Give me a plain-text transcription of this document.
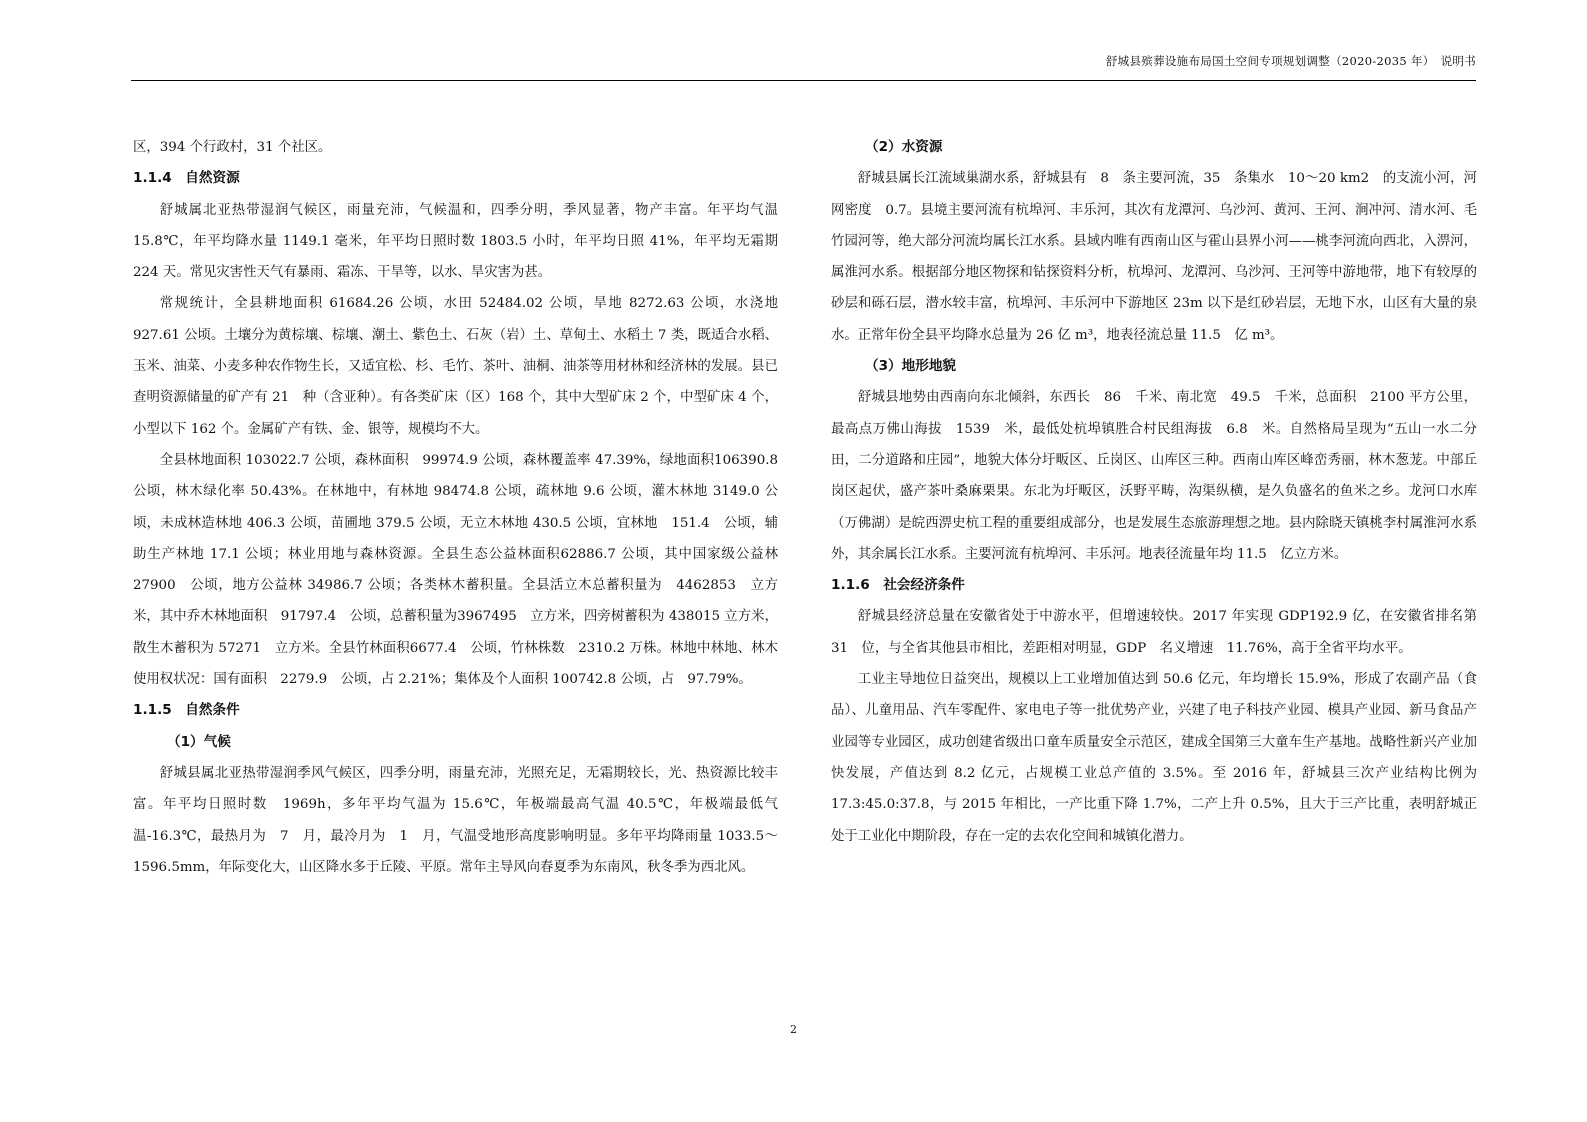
舒城县殡葬设施布局国土空间专项规划调整（2020-2035 年）　说明书

区，394 个行政村，31 个社区。

1.1.4　自然资源

舒城属北亚热带湿润气候区，雨量充沛，气候温和，四季分明，季风显著，物产丰富。年平均气温 15.8℃，年平均降水量 1149.1 毫米，年平均日照时数 1803.5 小时，年平均日照 41%，年平均无霜期 224 天。常见灾害性天气有暴雨、霜冻、干旱等，以水、旱灾害为甚。

常规统计，全县耕地面积 61684.26 公顷，水田 52484.02 公顷，旱地 8272.63 公顷，水浇地 927.61 公顷。土壤分为黄棕壤、棕壤、潮土、紫色土、石灰（岩）土、草甸土、水稻土 7 类，既适合水稻、玉米、油菜、小麦多种农作物生长，又适宜松、杉、毛竹、茶叶、油桐、油茶等用材林和经济林的发展。县已查明资源储量的矿产有 21　种（含亚种）。有各类矿床（区）168 个，其中大型矿床 2 个，中型矿床 4 个，小型以下 162 个。金属矿产有铁、金、银等，规模均不大。

全县林地面积 103022.7 公顷，森林面积　99974.9 公顷，森林覆盖率 47.39%，绿地面积106390.8 公顷，林木绿化率 50.43%。在林地中，有林地 98474.8 公顷，疏林地 9.6 公顷，灌木林地 3149.0 公顷，未成林造林地 406.3 公顷，苗圃地 379.5 公顷，无立木林地 430.5 公顷，宜林地　151.4　公顷，辅助生产林地 17.1 公顷；林业用地与森林资源。全县生态公益林面积62886.7 公顷，其中国家级公益林　27900　公顷，地方公益林 34986.7 公顷；各类林木蓄积量。全县活立木总蓄积量为　4462853　立方米，其中乔木林地面积　91797.4　公顷，总蓄积量为3967495　立方米，四旁树蓄积为 438015 立方米，散生木蓄积为 57271　立方米。全县竹林面积6677.4　公顷，竹林株数　2310.2 万株。林地中林地、林木使用权状况：国有面积　2279.9　公顷，占 2.21%；集体及个人面积 100742.8 公顷，占　97.79%。

1.1.5　自然条件

（1）气候

舒城县属北亚热带湿润季风气候区，四季分明，雨量充沛，光照充足，无霜期较长，光、热资源比较丰富。年平均日照时数　1969h，多年平均气温为 15.6℃，年极端最高气温 40.5℃，年极端最低气温-16.3℃，最热月为　7　月，最冷月为　1　月，气温受地形高度影响明显。多年平均降雨量 1033.5～1596.5mm，年际变化大，山区降水多于丘陵、平原。常年主导风向春夏季为东南风，秋冬季为西北风。

（2）水资源

舒城县属长江流域巢湖水系，舒城县有　8　条主要河流，35　条集水　10～20 km2　的支流小河，河网密度　0.7。县境主要河流有杭埠河、丰乐河，其次有龙潭河、乌沙河、黄河、王河、涧冲河、清水河、毛竹园河等，绝大部分河流均属长江水系。县域内唯有西南山区与霍山县界小河——桃李河流向西北，入淠河，属淮河水系。根据部分地区物探和钻探资料分析，杭埠河、龙潭河、乌沙河、王河等中游地带，地下有较厚的砂层和砾石层，潜水较丰富，杭埠河、丰乐河中下游地区 23m 以下是红砂岩层，无地下水，山区有大量的泉水。正常年份全县平均降水总量为 26 亿 m³，地表径流总量 11.5　亿 m³。

（3）地形地貌

舒城县地势由西南向东北倾斜，东西长　86　千米、南北宽　49.5　千米，总面积　2100 平方公里，最高点万佛山海拔　1539　米，最低处杭埠镇胜合村民组海拔　6.8　米。自然格局呈现为“五山一水二分田，二分道路和庄园”，地貌大体分圩畈区、丘岗区、山库区三种。西南山库区峰峦秀丽，林木葱茏。中部丘岗区起伏，盛产茶叶桑麻栗果。东北为圩畈区，沃野平畴，沟渠纵横，是久负盛名的鱼米之乡。龙河口水库（万佛湖）是皖西淠史杭工程的重要组成部分，也是发展生态旅游理想之地。县内除晓天镇桃李村属淮河水系外，其余属长江水系。主要河流有杭埠河、丰乐河。地表径流量年均 11.5　亿立方米。

1.1.6　社会经济条件

舒城县经济总量在安徽省处于中游水平，但增速较快。2017 年实现 GDP192.9 亿，在安徽省排名第　31　位，与全省其他县市相比，差距相对明显，GDP　名义增速　11.76%，高于全省平均水平。

工业主导地位日益突出，规模以上工业增加值达到 50.6 亿元，年均增长 15.9%，形成了农副产品（食品）、儿童用品、汽车零配件、家电电子等一批优势产业，兴建了电子科技产业园、模具产业园、新马食品产业园等专业园区，成功创建省级出口童车质量安全示范区，建成全国第三大童车生产基地。战略性新兴产业加快发展，产值达到 8.2 亿元，占规模工业总产值的 3.5%。至 2016 年，舒城县三次产业结构比例为 17.3:45.0:37.8，与 2015 年相比，一产比重下降 1.7%，二产上升 0.5%，且大于三产比重，表明舒城正处于工业化中期阶段，存在一定的去农化空间和城镇化潜力。

2
